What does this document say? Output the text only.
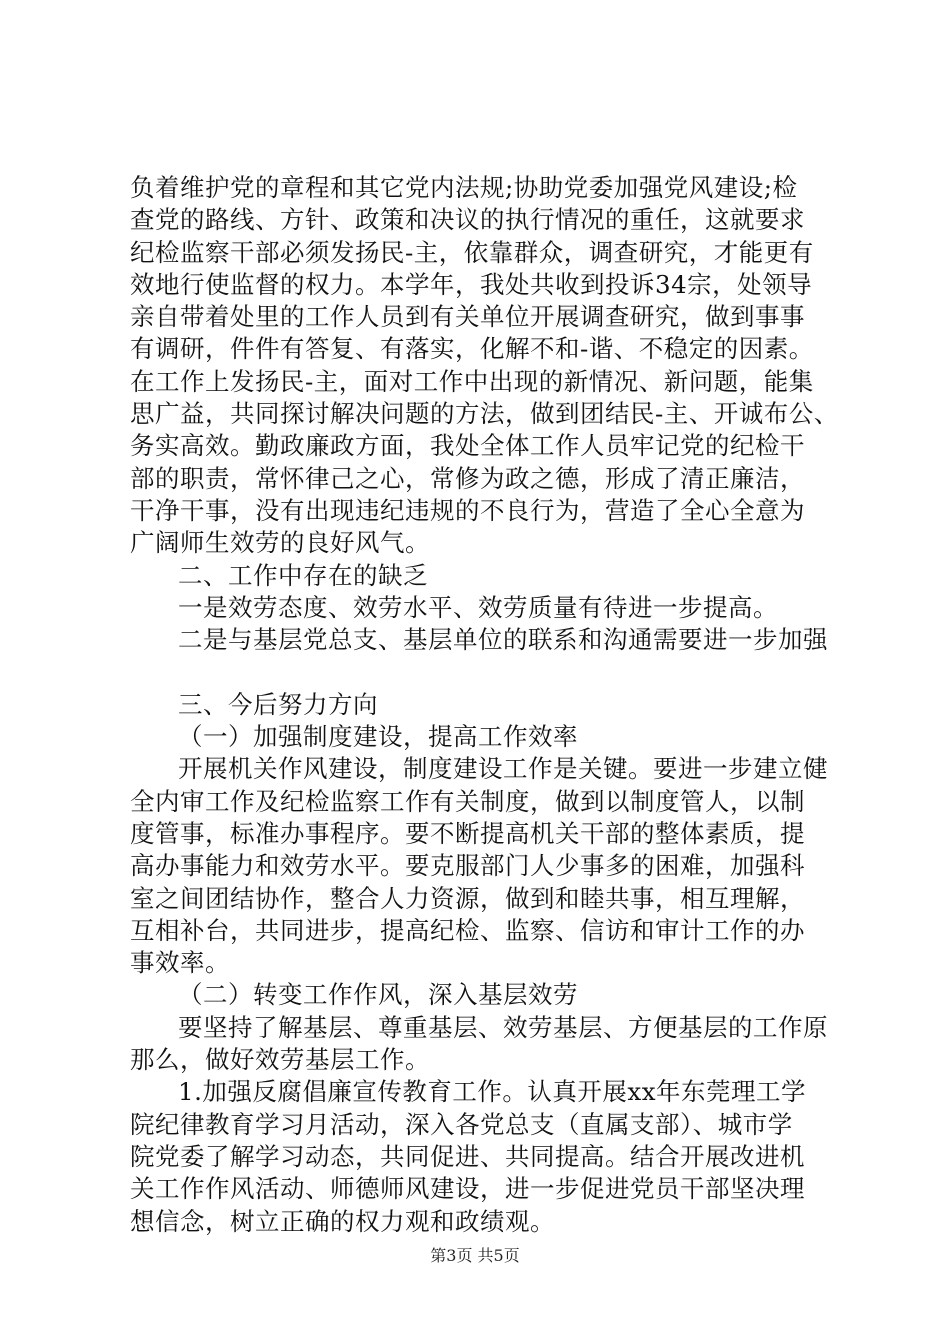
负着维护党的章程和其它党内法规;协助党委加强党风建设;检
查党的路线、方针、政策和决议的执行情况的重任，这就要求
纪检监察干部必须发扬民-主，依靠群众，调查研究，才能更有
效地行使监督的权力。本学年，我处共收到投诉34宗，处领导
亲自带着处里的工作人员到有关单位开展调查研究，做到事事
有调研，件件有答复、有落实，化解不和-谐、不稳定的因素。
在工作上发扬民-主，面对工作中出现的新情况、新问题，能集
思广益，共同探讨解决问题的方法，做到团结民-主、开诚布公、
务实高效。勤政廉政方面，我处全体工作人员牢记党的纪检干
部的职责，常怀律己之心，常修为政之德，形成了清正廉洁，
干净干事，没有出现违纪违规的不良行为，营造了全心全意为
广阔师生效劳的良好风气。
二、工作中存在的缺乏
一是效劳态度、效劳水平、效劳质量有待进一步提高。
二是与基层党总支、基层单位的联系和沟通需要进一步加强
三、今后努力方向
（一）加强制度建设，提高工作效率
开展机关作风建设，制度建设工作是关键。要进一步建立健
全内审工作及纪检监察工作有关制度，做到以制度管人，以制
度管事，标准办事程序。要不断提高机关干部的整体素质，提
高办事能力和效劳水平。要克服部门人少事多的困难，加强科
室之间团结协作，整合人力资源，做到和睦共事，相互理解，
互相补台，共同进步，提高纪检、监察、信访和审计工作的办
事效率。
（二）转变工作作风，深入基层效劳
要坚持了解基层、尊重基层、效劳基层、方便基层的工作原
那么，做好效劳基层工作。
1.加强反腐倡廉宣传教育工作。认真开展xx年东莞理工学
院纪律教育学习月活动，深入各党总支（直属支部）、城市学
院党委了解学习动态，共同促进、共同提高。结合开展改进机
关工作作风活动、师德师风建设，进一步促进党员干部坚决理
想信念，树立正确的权力观和政绩观。
第3页 共5页
